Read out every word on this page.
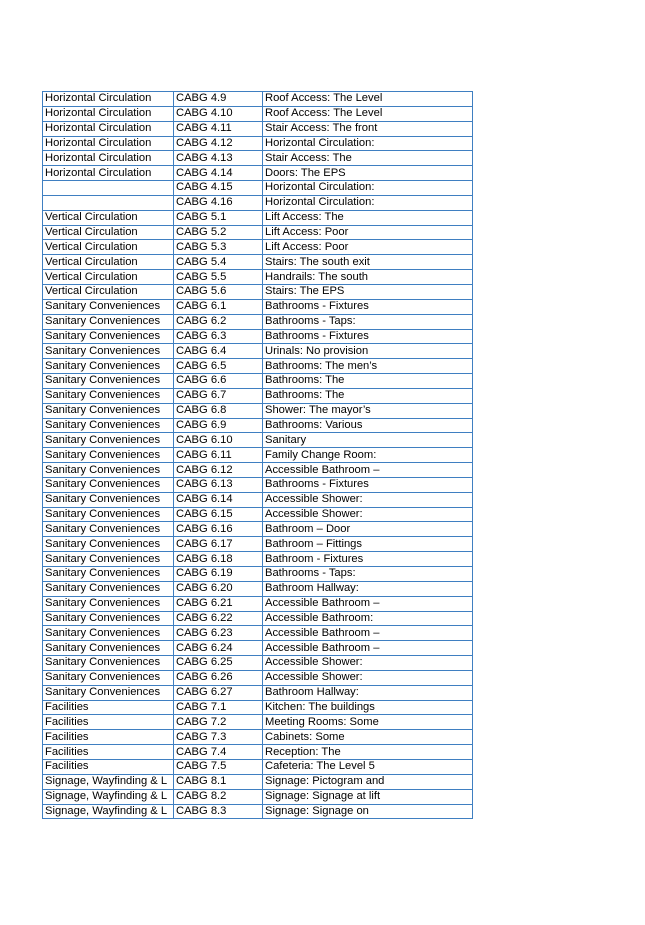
Horizontal Circulation	CABG 4.9	Roof Access: The Level
Horizontal Circulation	CABG 4.10	Roof Access: The Level
Horizontal Circulation	CABG 4.11	Stair Access: The front
Horizontal Circulation	CABG 4.12	Horizontal Circulation:
Horizontal Circulation	CABG 4.13	Stair Access: The
Horizontal Circulation	CABG 4.14	Doors: The EPS
	CABG 4.15	Horizontal Circulation:
	CABG 4.16	Horizontal Circulation:
Vertical Circulation	CABG 5.1	Lift Access: The
Vertical Circulation	CABG 5.2	Lift Access: Poor
Vertical Circulation	CABG 5.3	Lift Access: Poor
Vertical Circulation	CABG 5.4	Stairs: The south exit
Vertical Circulation	CABG 5.5	Handrails: The south
Vertical Circulation	CABG 5.6	Stairs: The EPS
Sanitary Conveniences	CABG 6.1	Bathrooms - Fixtures
Sanitary Conveniences	CABG 6.2	Bathrooms - Taps:
Sanitary Conveniences	CABG 6.3	Bathrooms - Fixtures
Sanitary Conveniences	CABG 6.4	Urinals: No provision
Sanitary Conveniences	CABG 6.5	Bathrooms: The men’s
Sanitary Conveniences	CABG 6.6	Bathrooms: The
Sanitary Conveniences	CABG 6.7	Bathrooms: The
Sanitary Conveniences	CABG 6.8	Shower: The mayor’s
Sanitary Conveniences	CABG 6.9	Bathrooms: Various
Sanitary Conveniences	CABG 6.10	Sanitary
Sanitary Conveniences	CABG 6.11	Family Change Room:
Sanitary Conveniences	CABG 6.12	Accessible Bathroom –
Sanitary Conveniences	CABG 6.13	Bathrooms - Fixtures
Sanitary Conveniences	CABG 6.14	Accessible Shower:
Sanitary Conveniences	CABG 6.15	Accessible Shower:
Sanitary Conveniences	CABG 6.16	Bathroom – Door
Sanitary Conveniences	CABG 6.17	Bathroom – Fittings
Sanitary Conveniences	CABG 6.18	Bathroom - Fixtures
Sanitary Conveniences	CABG 6.19	Bathrooms - Taps:
Sanitary Conveniences	CABG 6.20	Bathroom Hallway:
Sanitary Conveniences	CABG 6.21	Accessible Bathroom –
Sanitary Conveniences	CABG 6.22	Accessible Bathroom:
Sanitary Conveniences	CABG 6.23	Accessible Bathroom –
Sanitary Conveniences	CABG 6.24	Accessible Bathroom –
Sanitary Conveniences	CABG 6.25	Accessible Shower:
Sanitary Conveniences	CABG 6.26	Accessible Shower:
Sanitary Conveniences	CABG 6.27	Bathroom Hallway:
Facilities	CABG 7.1	Kitchen: The buildings
Facilities	CABG 7.2	Meeting Rooms: Some
Facilities	CABG 7.3	Cabinets: Some
Facilities	CABG 7.4	Reception: The
Facilities	CABG 7.5	Cafeteria: The Level 5
Signage, Wayfinding & L	CABG 8.1	Signage: Pictogram and
Signage, Wayfinding & L	CABG 8.2	Signage: Signage at lift
Signage, Wayfinding & L	CABG 8.3	Signage: Signage on
